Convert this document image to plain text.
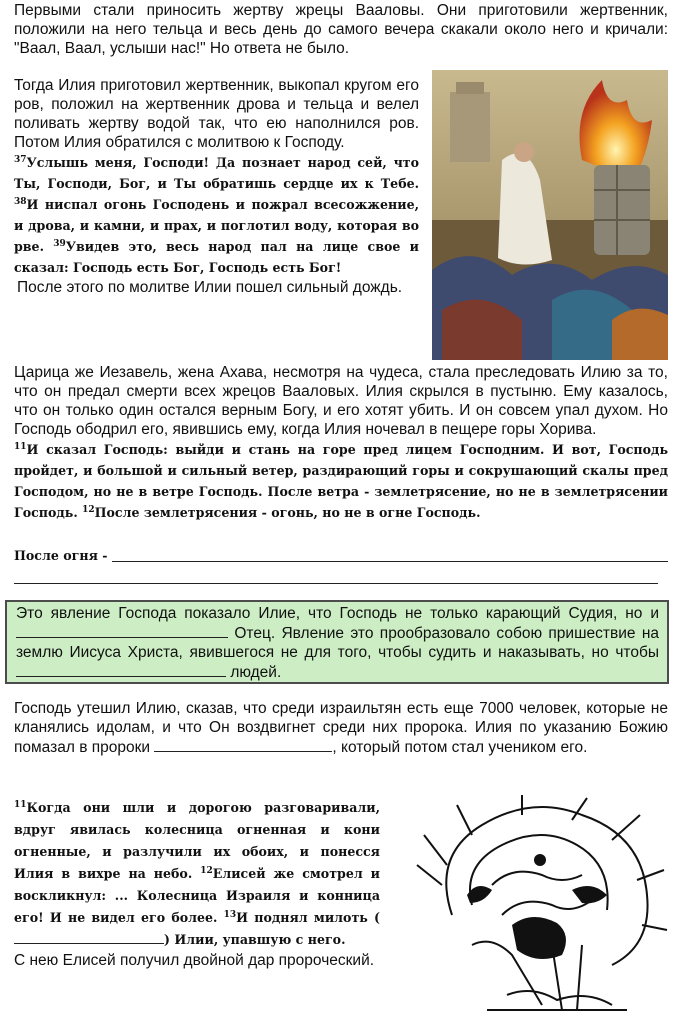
Первыми стали приносить жертву жрецы Вааловы. Они приготовили жертвенник, положили на него тельца и весь день до самого вечера скакали около него и кричали: "Ваал, Ваал, услыши нас!" Но ответа не было.

Тогда Илия приготовил жертвенник, выкопал кругом его ров, положил на жертвенник дрова и тельца и велел поливать жертву водой так, что ею наполнился ров. Потом Илия обратился с молитвою к Господу.
$^{37}$Услышь меня, Господи! Да познает народ сей, что Ты, Господи, Бог, и Ты обратишь сердце их к Тебе. $^{38}$И ниспал огонь Господень и пожрал всесожжение, и дрова, и камни, и прах, и поглотил воду, которая во рве. $^{39}$Увидев это, весь народ пал на лице свое и сказал: Господь есть Бог, Господь есть Бог!
После этого по молитве Илии пошел сильный дождь.
Царица же Иезавель, жена Ахава, несмотря на чудеса, стала преследовать Илию за то, что он предал смерти всех жрецов Вааловых. Илия скрылся в пустыню. Ему казалось, что он только один остался верным Богу, и его хотят убить. И он совсем упал духом. Но Господь ободрил его, явившись ему, когда Илия ночевал в пещере горы Хорива.
$^{11}$И сказал Господь: выйди и стань на горе пред лицем Господним. И вот, Господь пройдет, и большой и сильный ветер, раздирающий горы и сокрушающий скалы пред Господом, но не в ветре Господь. После ветра - землетрясение, но не в землетрясении Господь. $^{12}$После землетрясения - огонь, но не в огне Господь.
После огня -

Это явление Господа показало Илие, что Господь не только карающий Судия, но и  Отец. Явление это прообразовало собою пришествие на землю Иисуса Христа, явившегося не для того, чтобы судить и наказывать, но чтобы  людей.

Господь утешил Илию, сказав, что среди израильтян есть еще 7000 человек, которые не кланялись идолам, и что Он воздвигнет среди них пророка. Илия по указанию Божию помазал в пророки	, который потом стал учеником его.

$^{11}$Когда они шли и дорогою разговаривали, вдруг явилась колесница огненная и кони огненные, и разлучили их обоих, и понесся Илия в вихре на небо. $^{12}$Елисей же смотрел и воскликнул: ... Колесница Израиля и конница его! И не видел его более. $^{13}$И поднял милоть () Илии, упавшую с него.
С нею Елисей получил двойной дар пророческий.
